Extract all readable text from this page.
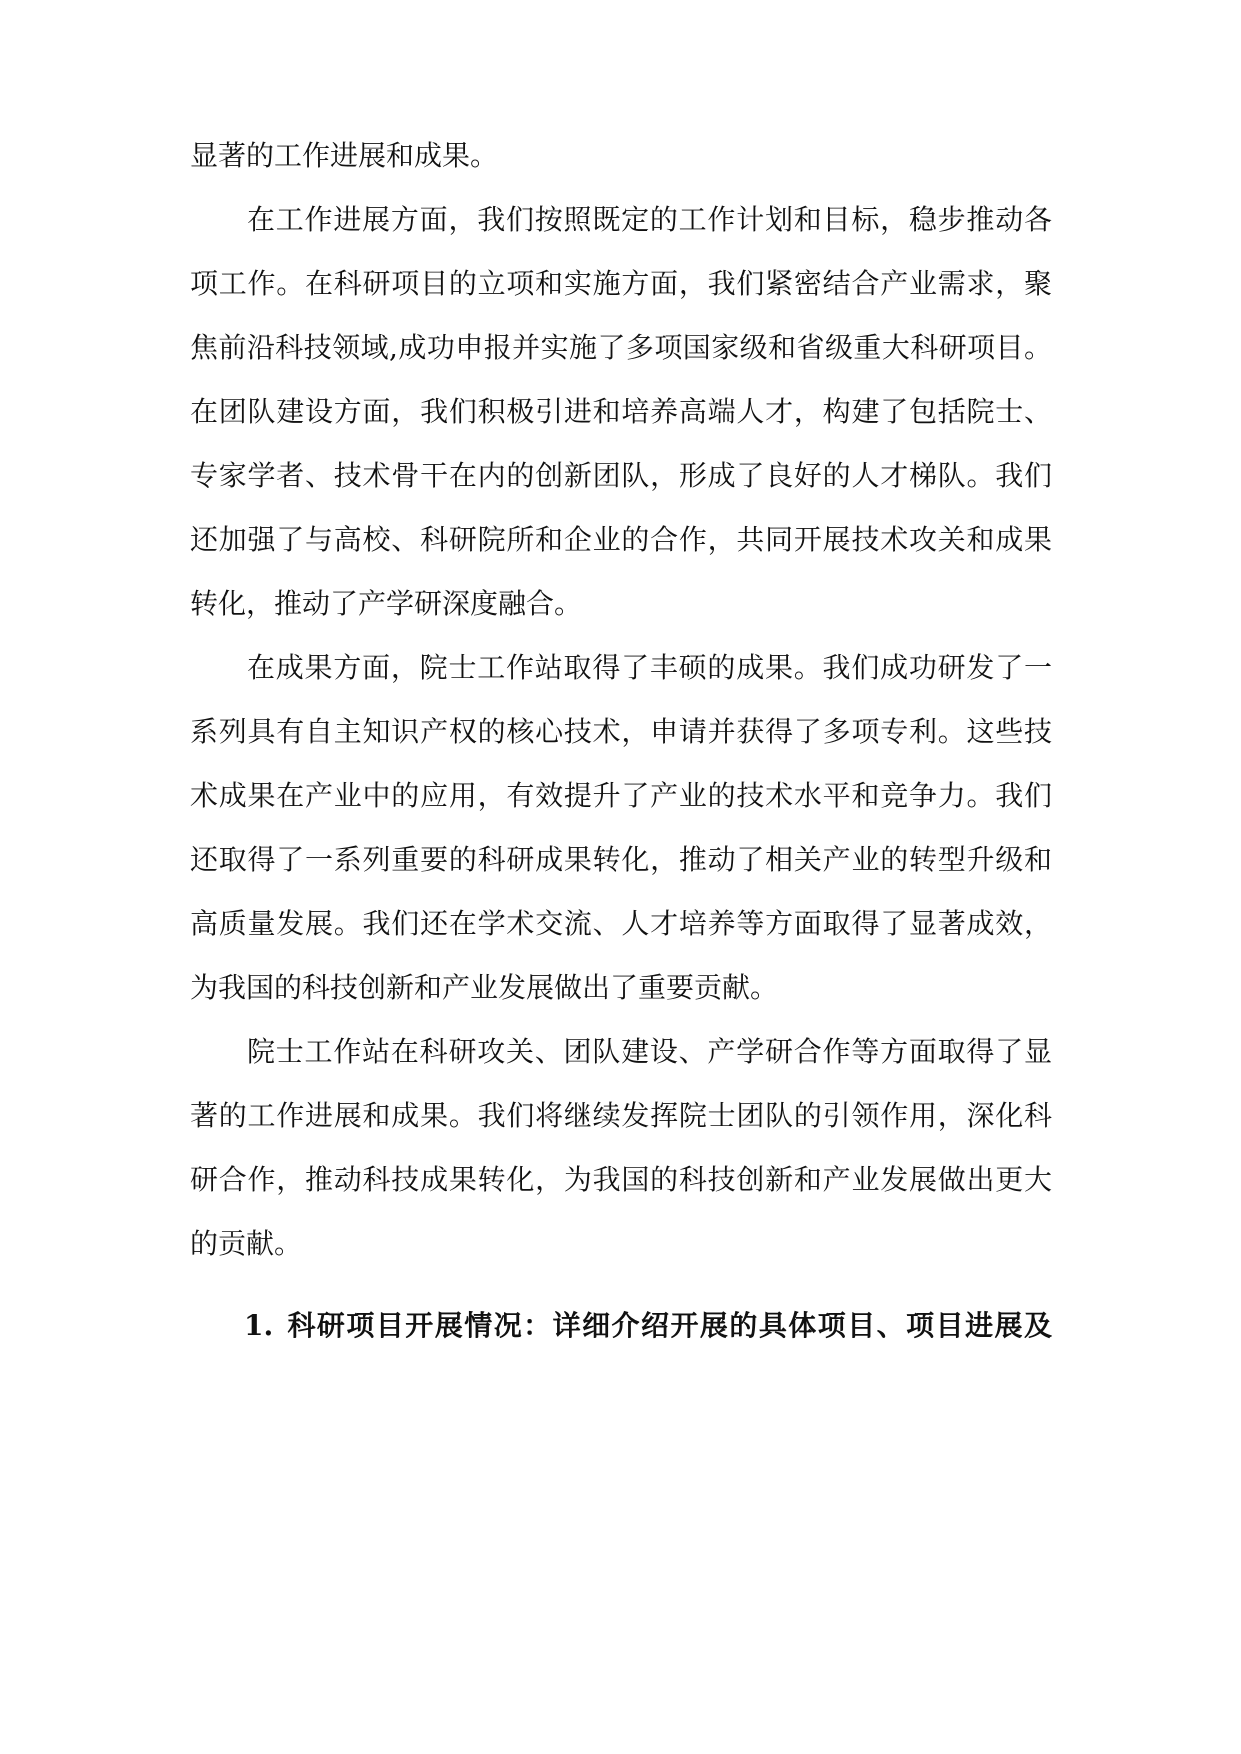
显著的工作进展和成果。
在工作进展方面，我们按照既定的工作计划和目标，稳步推动各
项工作。在科研项目的立项和实施方面，我们紧密结合产业需求，聚
焦前沿科技领域,成功申报并实施了多项国家级和省级重大科研项目。
在团队建设方面，我们积极引进和培养高端人才，构建了包括院士、
专家学者、技术骨干在内的创新团队，形成了良好的人才梯队。我们
还加强了与高校、科研院所和企业的合作，共同开展技术攻关和成果
转化，推动了产学研深度融合。
在成果方面，院士工作站取得了丰硕的成果。我们成功研发了一
系列具有自主知识产权的核心技术，申请并获得了多项专利。这些技
术成果在产业中的应用，有效提升了产业的技术水平和竞争力。我们
还取得了一系列重要的科研成果转化，推动了相关产业的转型升级和
高质量发展。我们还在学术交流、人才培养等方面取得了显著成效，
为我国的科技创新和产业发展做出了重要贡献。
院士工作站在科研攻关、团队建设、产学研合作等方面取得了显
著的工作进展和成果。我们将继续发挥院士团队的引领作用，深化科
研合作，推动科技成果转化，为我国的科技创新和产业发展做出更大
的贡献。
1. 科研项目开展情况：详细介绍开展的具体项目、项目进展及
